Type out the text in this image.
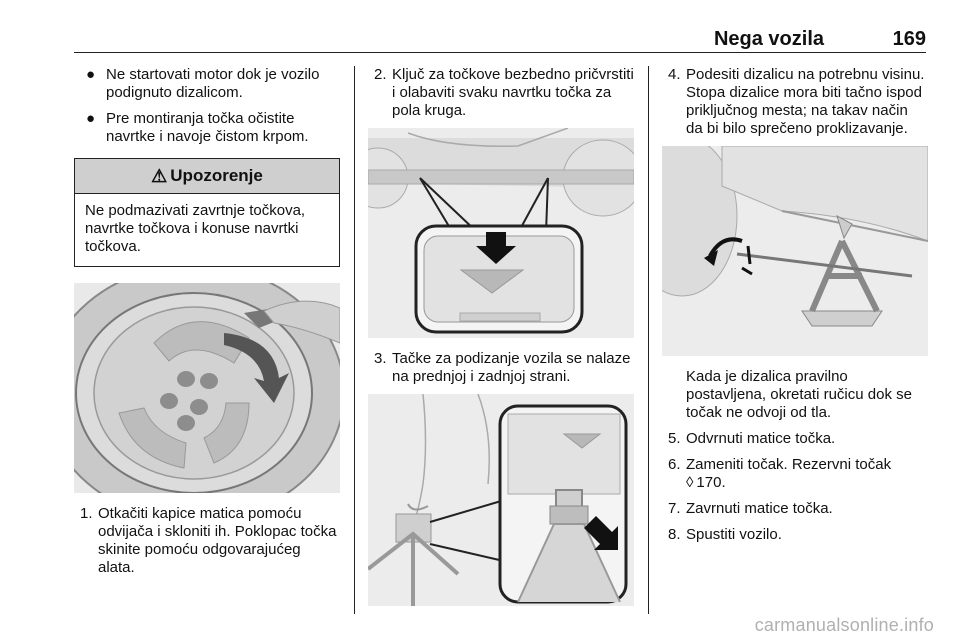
Nega vozila	169
● Ne startovati motor dok je vozilo podignuto dizalicom.
● Pre montiranja točka očistite navrtke i navoje čistom krpom.
⚠ Upozorenje
Ne podmazivati zavrtnje točkova, navrtke točkova i konuse navrtki točkova.
1. Otkačiti kapice matica pomoću odvijača i skloniti ih. Poklopac točka skinite pomoću odgovarajućeg alata.
2. Ključ za točkove bezbedno pričvrstiti i olabaviti svaku navrtku točka za pola kruga.
3. Tačke za podizanje vozila se nalaze na prednjoj i zadnjoj strani.
4. Podesiti dizalicu na potrebnu visinu. Stopa dizalice mora biti tačno ispod priključnog mesta; na takav način da bi bilo sprečeno proklizavanje.
Kada je dizalica pravilno postavljena, okretati ručicu dok se točak ne odvoji od tla.
5. Odvrnuti matice točka.
6. Zameniti točak. Rezervni točak
◊ 170.
7. Zavrnuti matice točka.
8. Spustiti vozilo.
carmanualsonline.info
